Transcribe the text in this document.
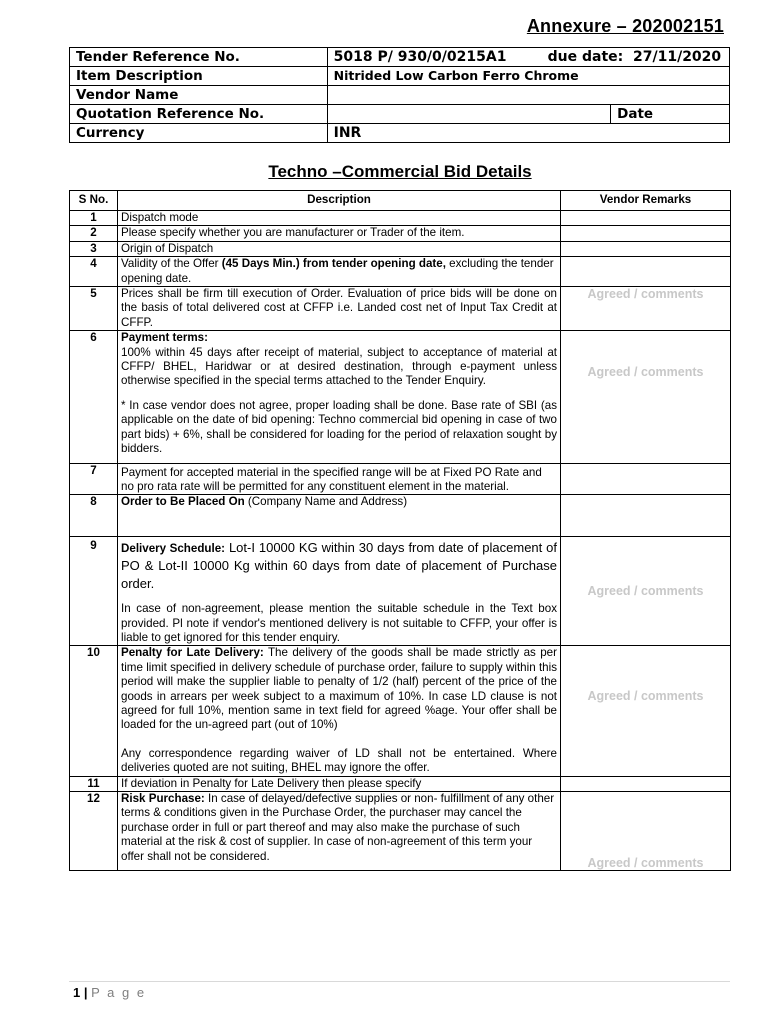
Annexure – 202002151
Tender Reference No.	5018 P/ 930/0/0215A1 due date: 27/11/2020	

Item Description	Nitrided Low Carbon Ferro Chrome	
Vendor Name		
Quotation Reference No.		Date
Currency	INR	
Techno –Commercial Bid Details
S No.	Description	Vendor Remarks
1	Dispatch mode	
2	Please specify whether you are manufacturer or Trader of the item.	
3	Origin of Dispatch	
4	Validity of the Offer (45 Days Min.) from tender opening date, excluding the tender opening date.	
5	Prices shall be firm till execution of Order. Evaluation of price bids will be done on the basis of total delivered cost at CFFP i.e. Landed cost net of Input Tax Credit at CFFP.	Agreed / comments
6	Payment terms:
100% within 45 days after receipt of material, subject to acceptance of material at CFFP/ BHEL, Haridwar or at desired destination, through e-payment unless otherwise specified in the special terms attached to the Tender Enquiry.
* In case vendor does not agree, proper loading shall be done. Base rate of SBI (as applicable on the date of bid opening: Techno commercial bid opening in case of two part bids) + 6%, shall be considered for loading for the period of relaxation sought by bidders.	Agreed / comments
7	Payment for accepted material in the specified range will be at Fixed PO Rate and no pro rata rate will be permitted for any constituent element in the material.	
8	Order to Be Placed On (Company Name and Address)	
9	Delivery Schedule: Lot-I 10000 KG within 30 days from date of placement of PO & Lot-II 10000 Kg within 60 days from date of placement of Purchase order.
In case of non-agreement, please mention the suitable schedule in the Text box provided. Pl note if vendor's mentioned delivery is not suitable to CFFP, your offer is liable to get ignored for this tender enquiry.	Agreed / comments
10	Penalty for Late Delivery: The delivery of the goods shall be made strictly as per time limit specified in delivery schedule of purchase order, failure to supply within this period will make the supplier liable to penalty of 1/2 (half) percent of the price of the goods in arrears per week subject to a maximum of 10%. In case LD clause is not agreed for full 10%, mention same in text field for agreed %age. Your offer shall be loaded for the un-agreed part (out of 10%)
Any correspondence regarding waiver of LD shall not be entertained. Where deliveries quoted are not suiting, BHEL may ignore the offer.	Agreed / comments
11	If deviation in Penalty for Late Delivery then please specify	
12	Risk Purchase: In case of delayed/defective supplies or non- fulfillment of any other terms & conditions given in the Purchase Order, the purchaser may cancel the purchase order in full or part thereof and may also make the purchase of such material at the risk & cost of supplier. In case of non-agreement of this term your offer shall not be considered.	Agreed / comments
1 | P a g e
